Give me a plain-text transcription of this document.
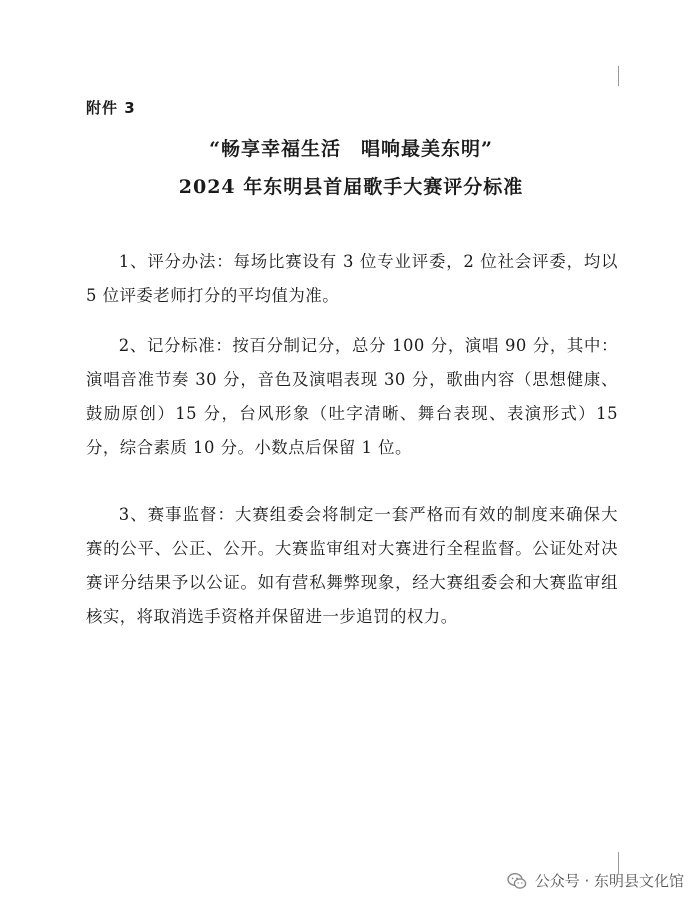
附件 3
“畅享幸福生活　唱响最美东明”
2024 年东明县首届歌手大赛评分标准

1、评分办法：每场比赛设有 3 位专业评委，2 位社会评委，均以 5 位评委老师打分的平均值为准。

2、记分标准：按百分制记分，总分 100 分，演唱 90 分，其中：演唱音准节奏 30 分，音色及演唱表现 30 分，歌曲内容（思想健康、鼓励原创）15 分，台风形象（吐字清晰、舞台表现、表演形式）15 分，综合素质 10 分。小数点后保留 1 位。

3、赛事监督：大赛组委会将制定一套严格而有效的制度来确保大赛的公平、公正、公开。大赛监审组对大赛进行全程监督。公证处对决赛评分结果予以公证。如有营私舞弊现象，经大赛组委会和大赛监审组核实，将取消选手资格并保留进一步追罚的权力。

公众号 · 东明县文化馆
